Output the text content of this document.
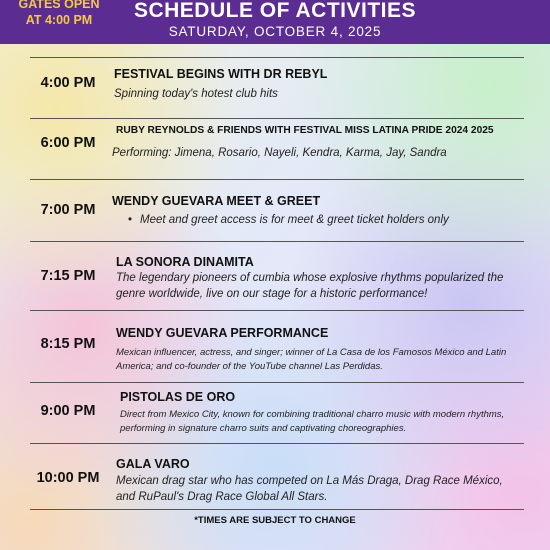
GATES OPEN AT 4:00 PM	SCHEDULE OF ACTIVITIES
SATURDAY, OCTOBER 4, 2025
4:00 PM
FESTIVAL BEGINS WITH DR REBYL
Spinning today's hotest club hits
6:00 PM
RUBY REYNOLDS & FRIENDS WITH FESTIVAL MISS LATINA PRIDE 2024 2025
Performing: Jimena, Rosario, Nayeli, Kendra, Karma, Jay, Sandra
7:00 PM
WENDY GUEVARA MEET & GREET
• Meet and greet access is for meet & greet ticket holders only
7:15 PM
LA SONORA DINAMITA
The legendary pioneers of cumbia whose explosive rhythms popularized the genre worldwide, live on our stage for a historic performance!
8:15 PM
WENDY GUEVARA PERFORMANCE
Mexican influencer, actress, and singer; winner of La Casa de los Famosos México and Latin America; and co-founder of the YouTube channel Las Perdidas.
9:00 PM
PISTOLAS DE ORO
Direct from Mexico City, known for combining traditional charro music with modern rhythms, performing in signature charro suits and captivating choreographies.
10:00 PM
GALA VARO
Mexican drag star who has competed on La Más Draga, Drag Race México, and RuPaul's Drag Race Global All Stars.
*TIMES ARE SUBJECT TO CHANGE
